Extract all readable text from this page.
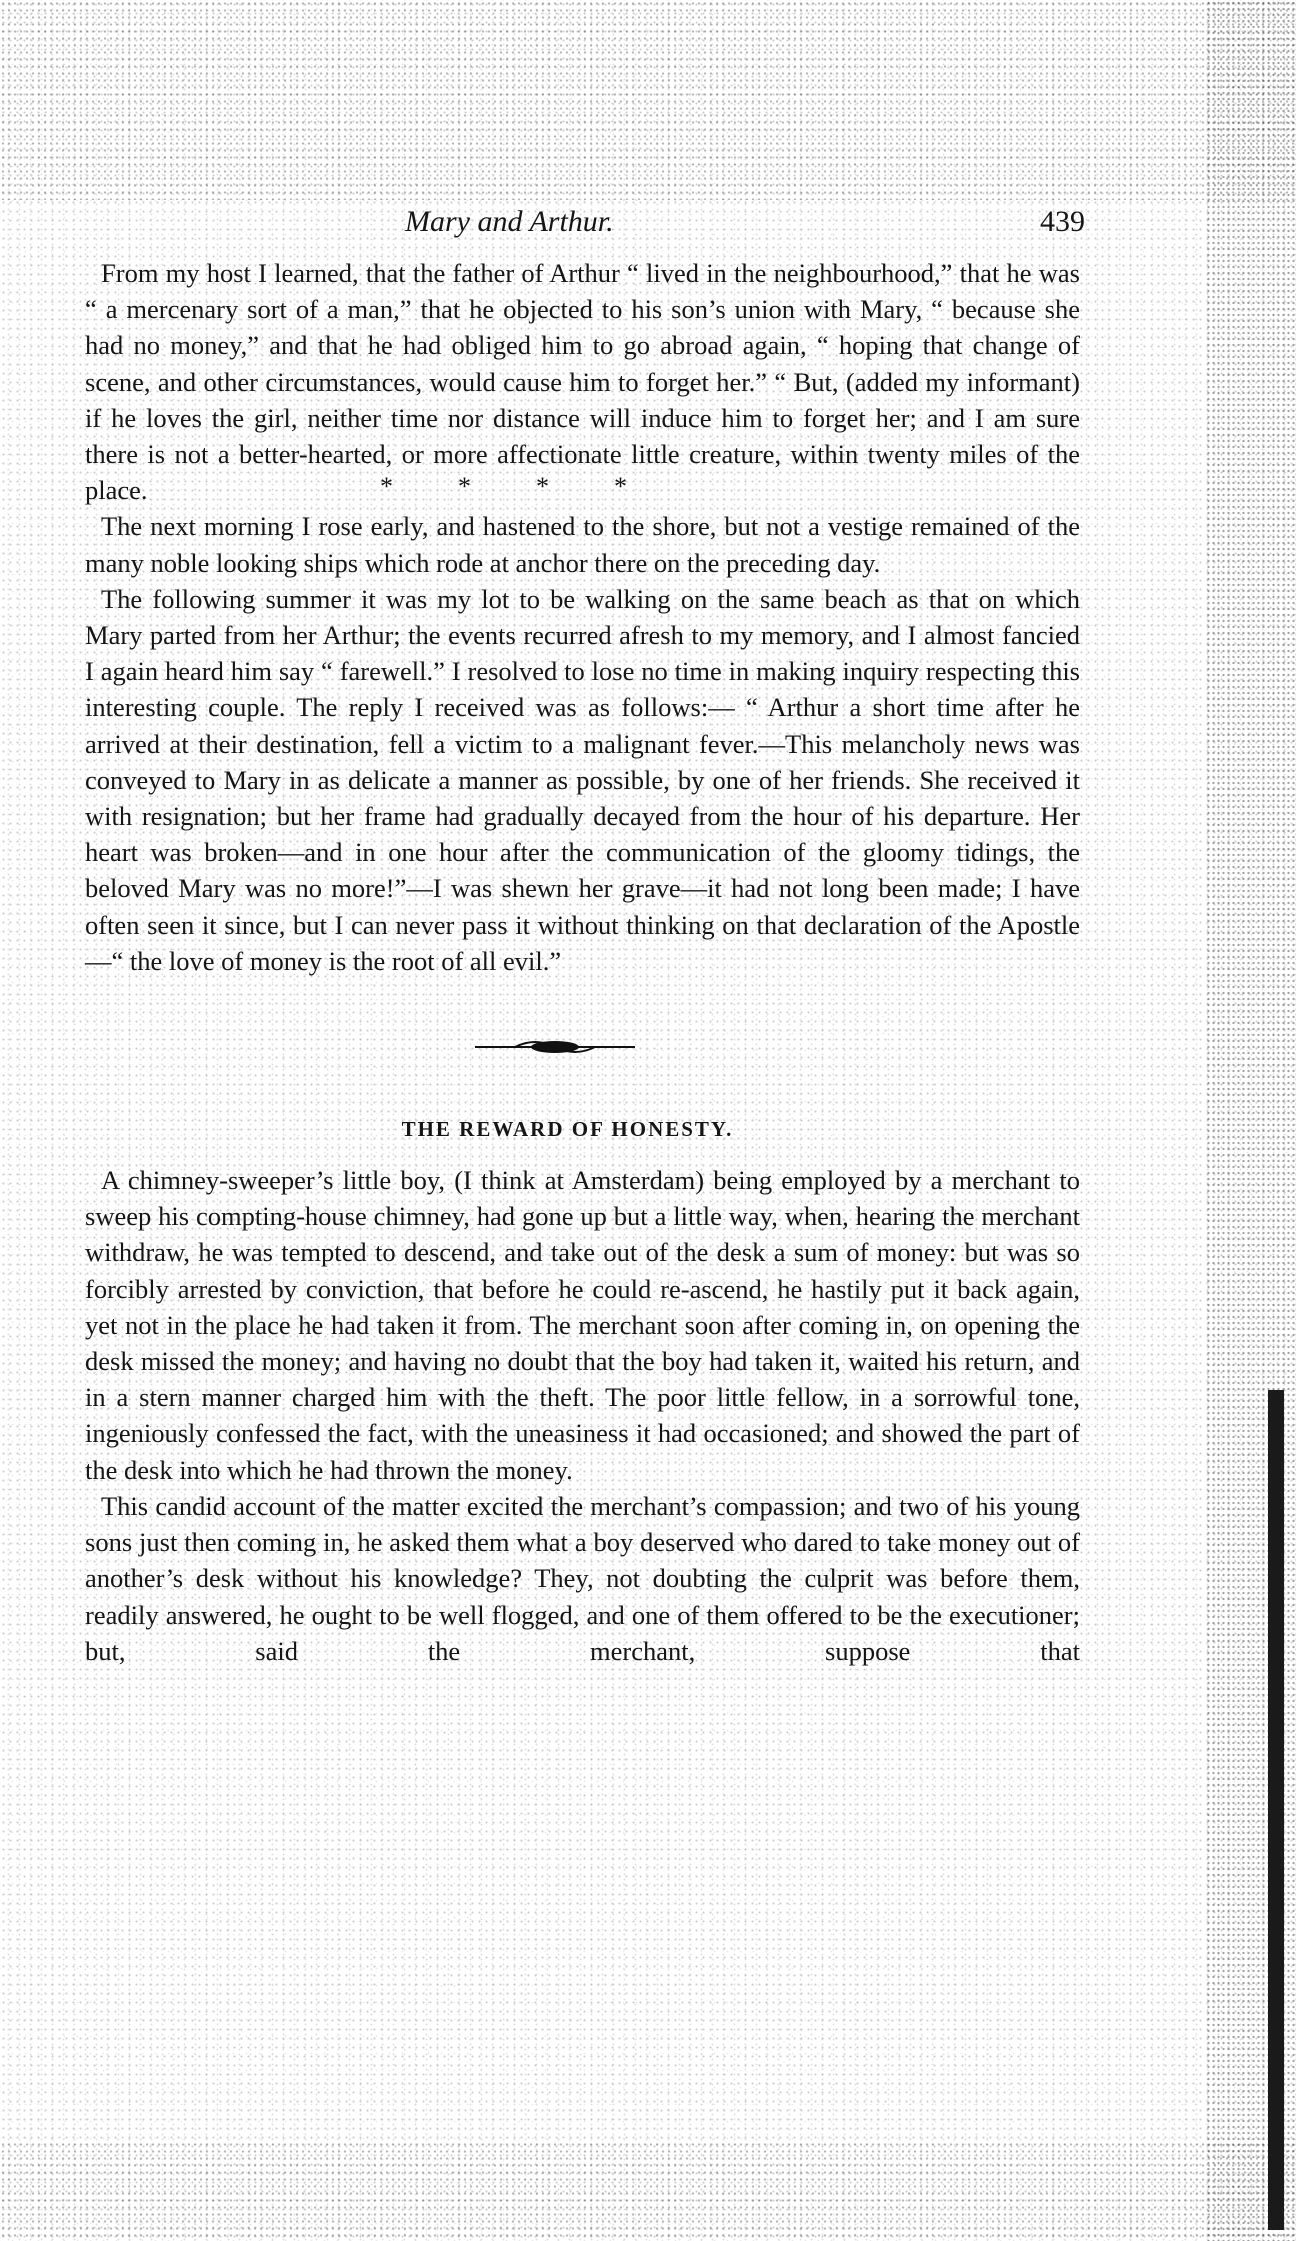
Mary and Arthur.	439

From my host I learned, that the father of Arthur “ lived in the neighbourhood,” that he was “ a mercenary sort of a man,” that he objected to his son’s union with Mary, “ because she had no money,” and that he had obliged him to go abroad again, “ hoping that change of scene, and other circumstances, would cause him to forget her.” “ But, (added my informant) if he loves the girl, neither time nor distance will induce him to forget her; and I am sure there is not a better-hearted, or more affectionate little creature, within twenty miles of the place.	*          *          *          *

The next morning I rose early, and hastened to the shore, but not a vestige remained of the many noble looking ships which rode at anchor there on the preceding day.

The following summer it was my lot to be walking on the same beach as that on which Mary parted from her Arthur; the events recurred afresh to my memory, and I almost fancied I again heard him say “ farewell.” I resolved to lose no time in making inquiry respecting this interesting couple. The reply I received was as follows:— “ Arthur a short time after he arrived at their destination, fell a victim to a malignant fever.—This melancholy news was conveyed to Mary in as delicate a manner as possible, by one of her friends. She received it with resignation; but her frame had gradually decayed from the hour of his departure. Her heart was broken—and in one hour after the communication of the gloomy tidings, the beloved Mary was no more!”—I was shewn her grave—it had not long been made; I have often seen it since, but I can never pass it without thinking on that declaration of the Apostle—“ the love of money is the root of all evil.”

THE REWARD OF HONESTY.

A chimney-sweeper’s little boy, (I think at Amsterdam) being employed by a merchant to sweep his compting-house chimney, had gone up but a little way, when, hearing the merchant withdraw, he was tempted to descend, and take out of the desk a sum of money: but was so forcibly arrested by conviction, that before he could re-ascend, he hastily put it back again, yet not in the place he had taken it from. The merchant soon after coming in, on opening the desk missed the money; and having no doubt that the boy had taken it, waited his return, and in a stern manner charged him with the theft. The poor little fellow, in a sorrowful tone, ingeniously confessed the fact, with the uneasiness it had occasioned; and showed the part of the desk into which he had thrown the money.

This candid account of the matter excited the merchant’s compassion; and two of his young sons just then coming in, he asked them what a boy deserved who dared to take money out of another’s desk without his knowledge? They, not doubting the culprit was before them, readily answered, he ought to be well flogged, and one of them offered to be the executioner; but, said the merchant, suppose that
